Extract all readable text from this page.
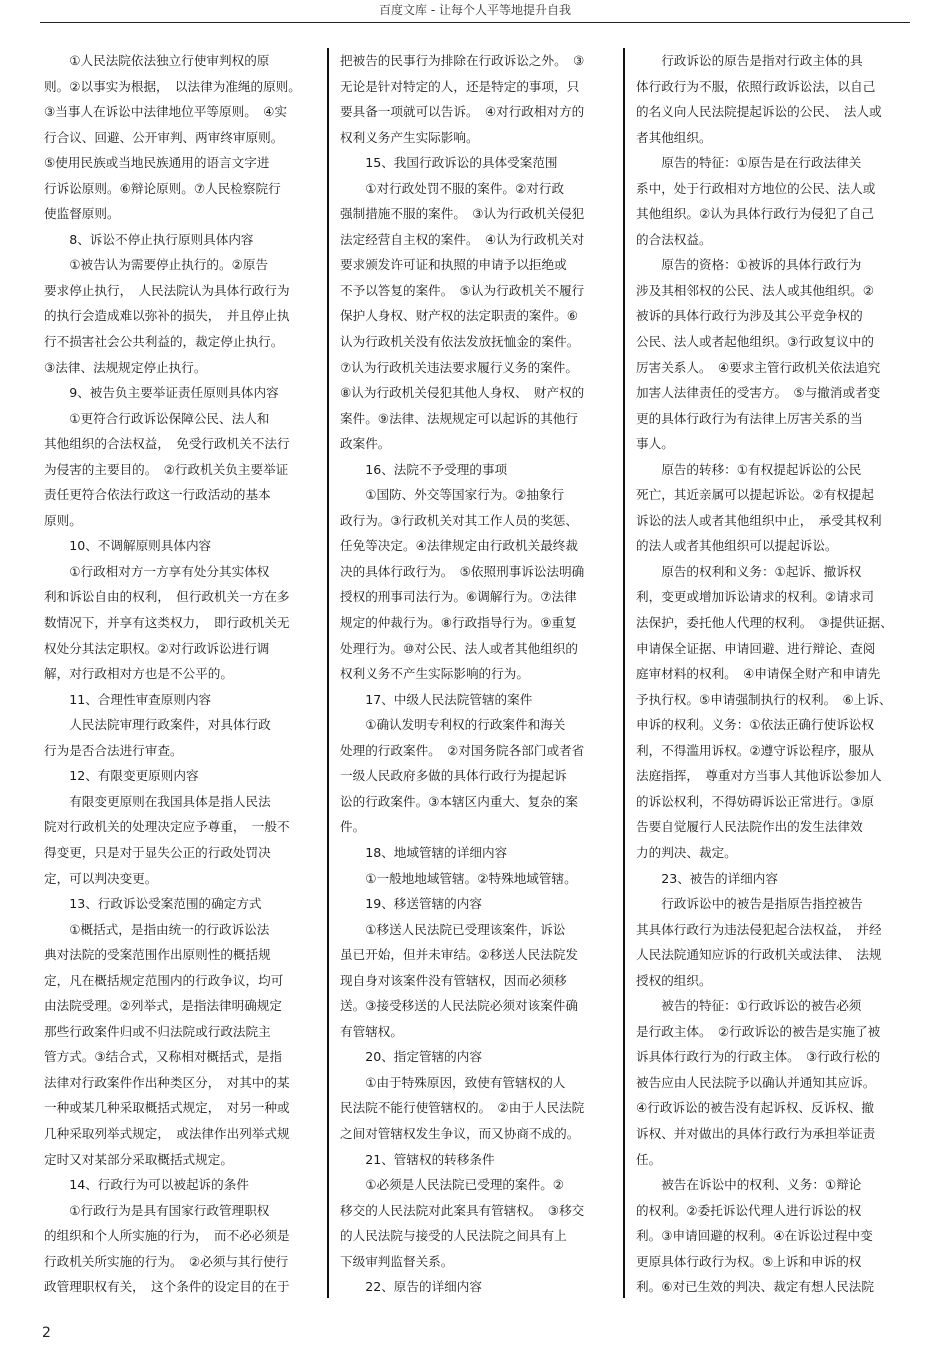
百度文库 - 让每个人平等地提升自我

　　①人民法院依法独立行使审判权的原

则。②以事实为根据，　以法律为准绳的原则。

③当事人在诉讼中法律地位平等原则。　④实

行合议、回避、公开审判、两审终审原则。

⑤使用民族或当地民族通用的语言文字进

行诉讼原则。⑥辩论原则。⑦人民检察院行

使监督原则。

　　8、诉讼不停止执行原则具体内容

　　①被告认为需要停止执行的。②原告

要求停止执行，　人民法院认为具体行政行为

的执行会造成难以弥补的损失，　并且停止执

行不损害社会公共利益的，裁定停止执行。

③法律、法规规定停止执行。

　　9、被告负主要举证责任原则具体内容

　　①更符合行政诉讼保障公民、法人和

其他组织的合法权益，　免受行政机关不法行

为侵害的主要目的。　②行政机关负主要举证

责任更符合依法行政这一行政活动的基本

原则。

　　10、不调解原则具体内容

　　①行政相对方一方享有处分其实体权

利和诉讼自由的权利，　但行政机关一方在多

数情况下，并享有这类权力，　即行政机关无

权处分其法定职权。②对行政诉讼进行调

解，对行政相对方也是不公平的。

　　11、合理性审查原则内容

　　人民法院审理行政案件，对具体行政

行为是否合法进行审查。

　　12、有限变更原则内容

　　有限变更原则在我国具体是指人民法

院对行政机关的处理决定应予尊重，　一般不

得变更，只是对于显失公正的行政处罚决

定，可以判决变更。

　　13、行政诉讼受案范围的确定方式

　　①概括式，是指由统一的行政诉讼法

典对法院的受案范围作出原则性的概括规

定，凡在概括规定范围内的行政争议，均可

由法院受理。②列举式，是指法律明确规定

那些行政案件归或不归法院或行政法院主

管方式。③结合式，又称相对概括式，是指

法律对行政案件作出种类区分，　对其中的某

一种或某几种采取概括式规定，　对另一种或

几种采取列举式规定，　或法律作出列举式规

定时又对某部分采取概括式规定。

　　14、行政行为可以被起诉的条件

　　①行政行为是具有国家行政管理职权

的组织和个人所实施的行为，　而不必必须是

行政机关所实施的行为。　②必须与其行使行

政管理职权有关，　这个条件的设定目的在于

把被告的民事行为排除在行政诉讼之外。　③

无论是针对特定的人，还是特定的事项，只

要具备一项就可以告诉。　④对行政相对方的

权利义务产生实际影响。

　　15、我国行政诉讼的具体受案范围

　　①对行政处罚不服的案件。②对行政

强制措施不服的案件。　③认为行政机关侵犯

法定经营自主权的案件。　④认为行政机关对

要求颁发许可证和执照的申请予以拒绝或

不予以答复的案件。　⑤认为行政机关不履行

保护人身权、财产权的法定职责的案件。⑥

认为行政机关没有依法发放抚恤金的案件。

⑦认为行政机关违法要求履行义务的案件。

⑧认为行政机关侵犯其他人身权、　财产权的

案件。⑨法律、法规规定可以起诉的其他行

政案件。

　　16、法院不予受理的事项

　　①国防、外交等国家行为。②抽象行

政行为。③行政机关对其工作人员的奖惩、

任免等决定。④法律规定由行政机关最终裁

决的具体行政行为。　⑤依照刑事诉讼法明确

授权的刑事司法行为。⑥调解行为。⑦法律

规定的仲裁行为。⑧行政指导行为。⑨重复

处理行为。⑩对公民、法人或者其他组织的

权利义务不产生实际影响的行为。

　　17、中级人民法院管辖的案件

　　①确认发明专利权的行政案件和海关

处理的行政案件。　②对国务院各部门或者省

一级人民政府多做的具体行政行为提起诉

讼的行政案件。③本辖区内重大、复杂的案

件。

　　18、地域管辖的详细内容

　　①一般地地域管辖。②特殊地域管辖。

　　19、移送管辖的内容

　　①移送人民法院已受理该案件，诉讼

虽已开始，但并未审结。②移送人民法院发

现自身对该案件没有管辖权，因而必须移

送。③接受移送的人民法院必须对该案件确

有管辖权。

　　20、指定管辖的内容

　　①由于特殊原因，致使有管辖权的人

民法院不能行使管辖权的。　②由于人民法院

之间对管辖权发生争议，而又协商不成的。

　　21、管辖权的转移条件

　　①必须是人民法院已受理的案件。②

移交的人民法院对此案具有管辖权。　③移交

的人民法院与接受的人民法院之间具有上

下级审判监督关系。

　　22、原告的详细内容

　　行政诉讼的原告是指对行政主体的具

体行政行为不服，依照行政诉讼法，以自己

的名义向人民法院提起诉讼的公民、　法人或

者其他组织。

　　原告的特征：①原告是在行政法律关

系中，处于行政相对方地位的公民、法人或

其他组织。②认为具体行政行为侵犯了自己

的合法权益。

　　原告的资格：①被诉的具体行政行为

涉及其相邻权的公民、法人或其他组织。②

被诉的具体行政行为涉及其公平竞争权的

公民、法人或者起他组织。③行政复议中的

厉害关系人。　④要求主管行政机关依法追究

加害人法律责任的受害方。　⑤与撤消或者变

更的具体行政行为有法律上厉害关系的当

事人。

　　原告的转移：①有权提起诉讼的公民

死亡，其近亲属可以提起诉讼。②有权提起

诉讼的法人或者其他组织中止，　承受其权利

的法人或者其他组织可以提起诉讼。

　　原告的权利和义务：①起诉、撤诉权

利，变更或增加诉讼请求的权利。②请求司

法保护，委托他人代理的权利。　③提供证据、

申请保全证据、申请回避、进行辩论、查阅

庭审材料的权利。　④申请保全财产和申请先

予执行权。⑤申请强制执行的权利。　⑥上诉、

申诉的权利。义务：①依法正确行使诉讼权

利，不得滥用诉权。②遵守诉讼程序，服从

法庭指挥，　尊重对方当事人其他诉讼参加人

的诉讼权利，不得妨碍诉讼正常进行。③原

告要自觉履行人民法院作出的发生法律效

力的判决、裁定。

　　23、被告的详细内容

　　行政诉讼中的被告是指原告指控被告

其具体行政行为违法侵犯起合法权益，　并经

人民法院通知应诉的行政机关或法律、　法规

授权的组织。

　　被告的特征：①行政诉讼的被告必须

是行政主体。　②行政诉讼的被告是实施了被

诉具体行政行为的行政主体。　③行政行松的

被告应由人民法院予以确认并通知其应诉。

④行政诉讼的被告没有起诉权、反诉权、撤

诉权、并对做出的具体行政行为承担举证责

任。

　　被告在诉讼中的权利、义务：①辩论

的权利。②委托诉讼代理人进行诉讼的权

利。③申请回避的权利。④在诉讼过程中变

更原具体行政行为权。⑤上诉和申诉的权

利。⑥对已生效的判决、裁定有想人民法院

2
